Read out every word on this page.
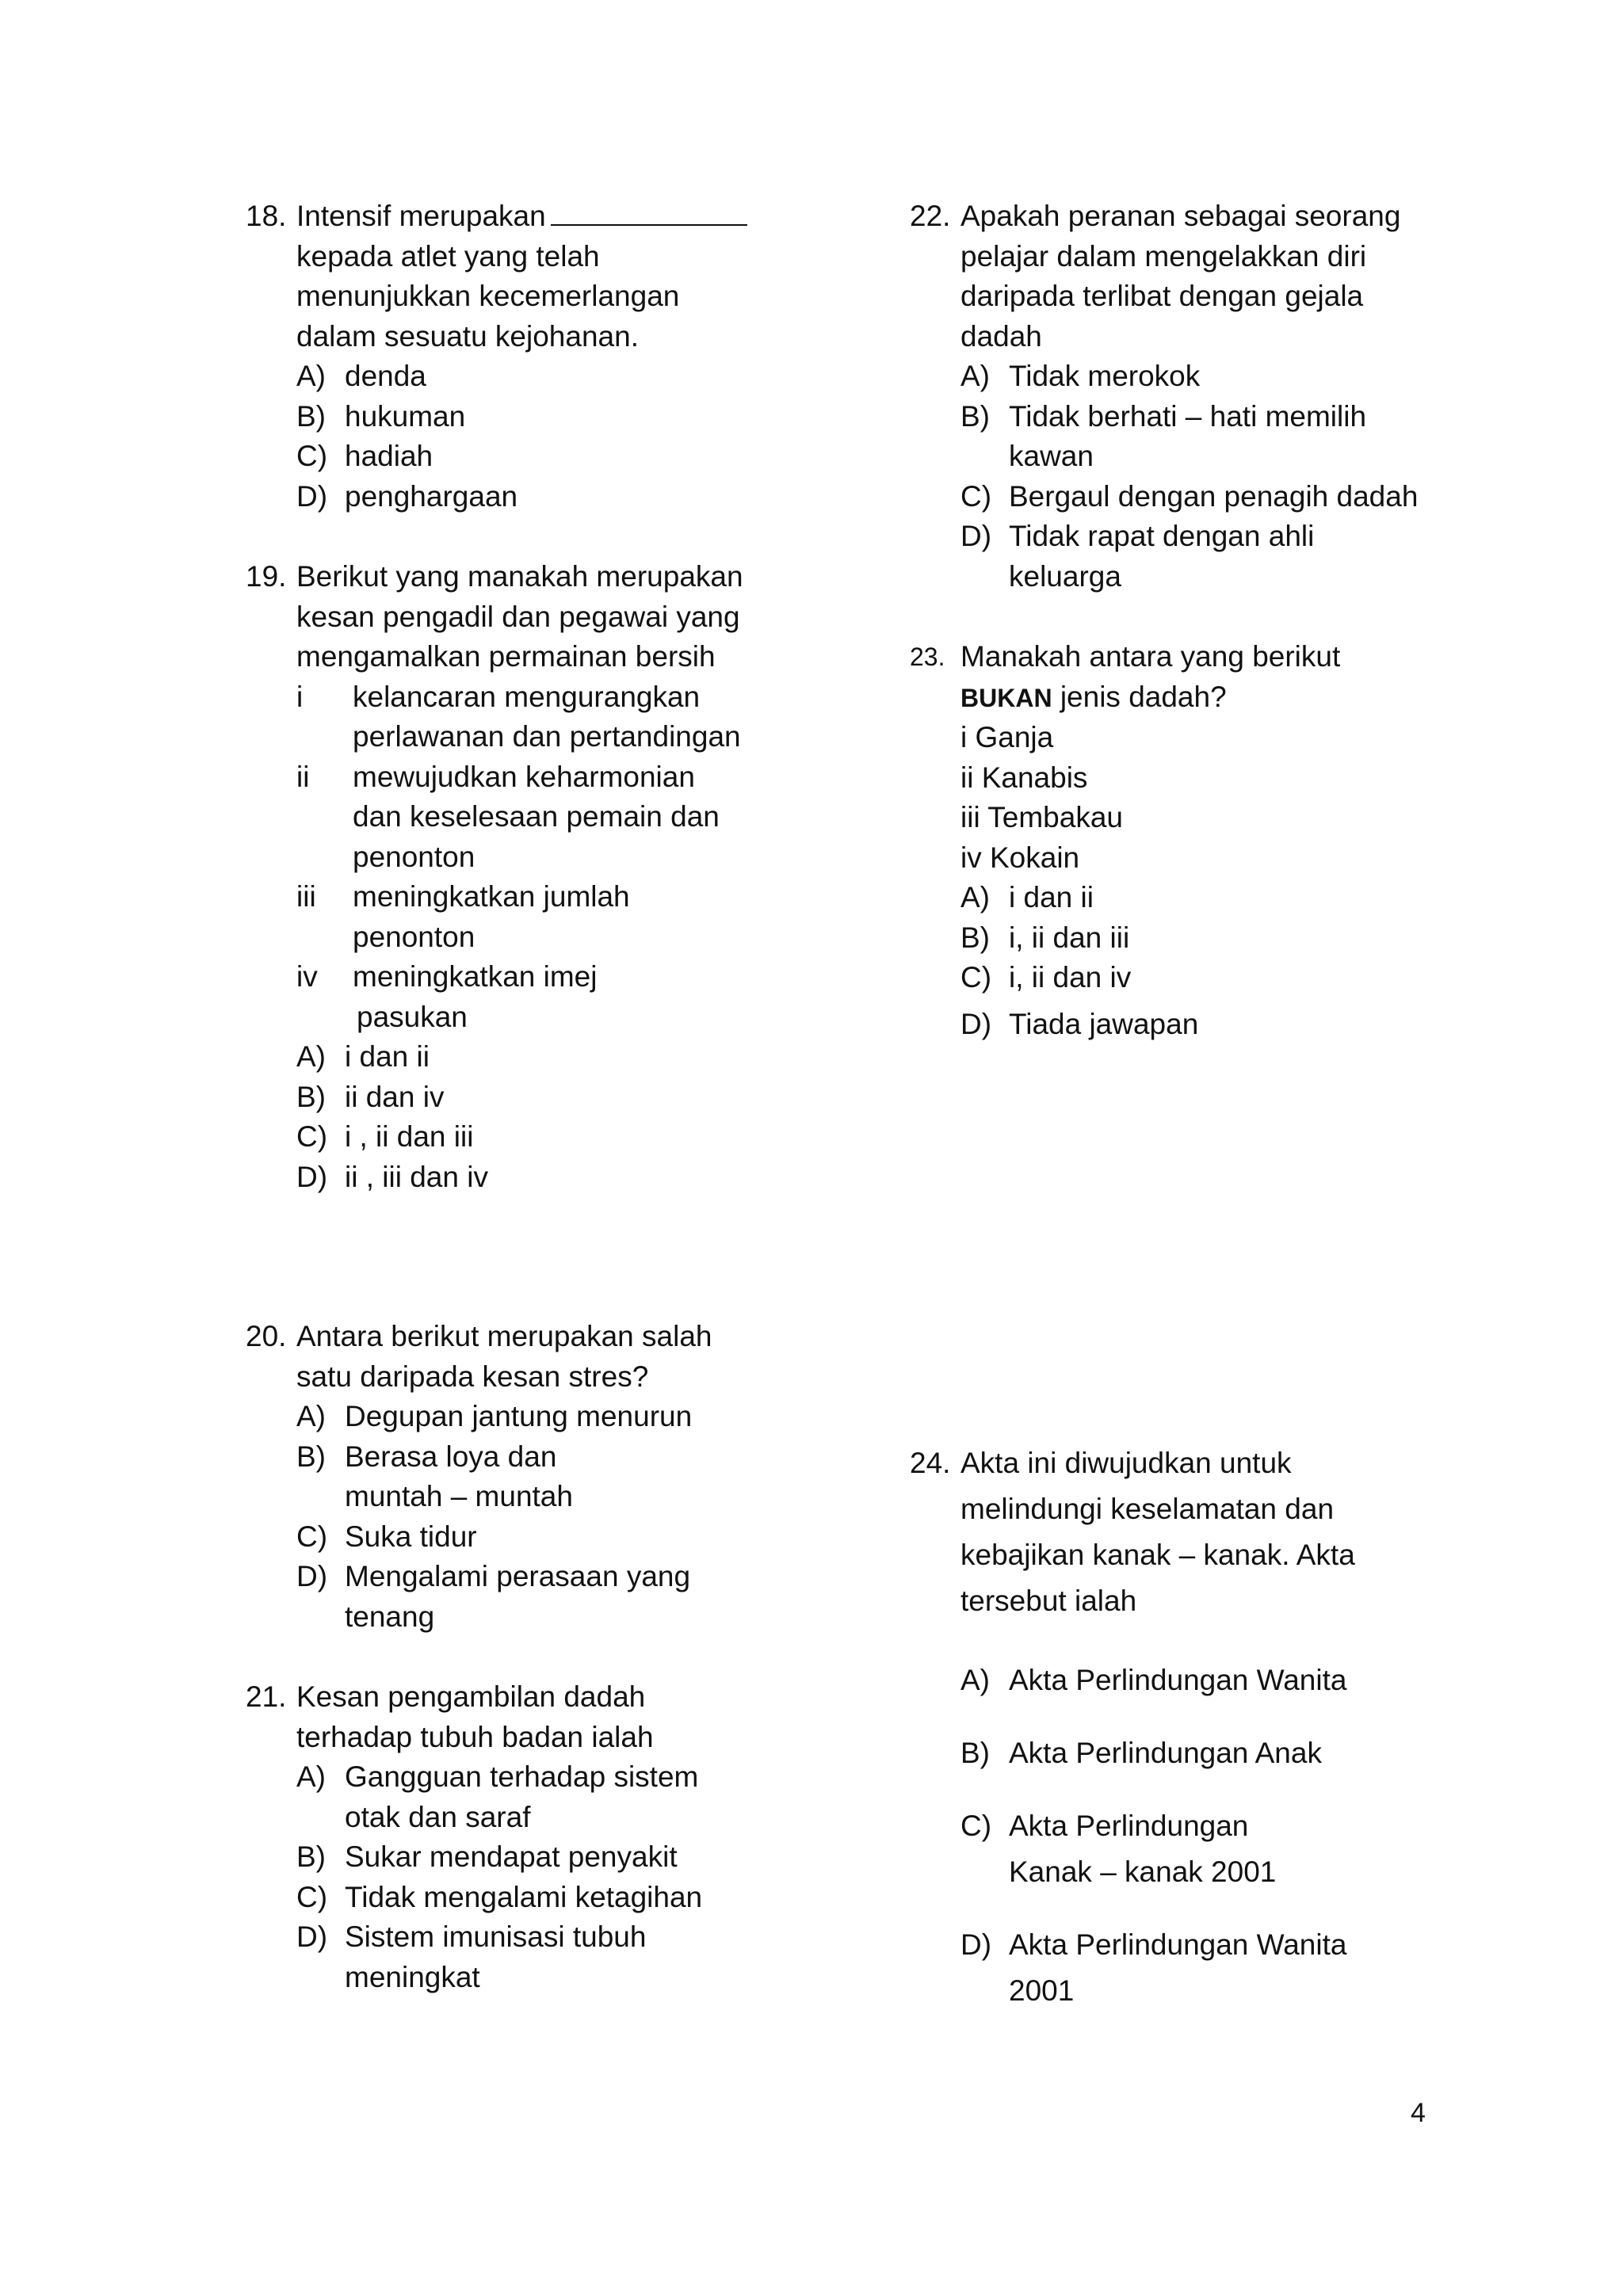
18. Intensif merupakan
kepada atlet yang telah
menunjukkan kecemerlangan
dalam sesuatu kejohanan.
A) denda
B) hukuman
C) hadiah
D) penghargaan
19. Berikut yang manakah merupakan
kesan pengadil dan pegawai yang
mengamalkan permainan bersih
i kelancaran mengurangkan
perlawanan dan pertandingan
ii mewujudkan keharmonian
dan keselesaan pemain dan
penonton
iii meningkatkan jumlah
penonton
iv meningkatkan imej
pasukan
A) i dan ii
B) ii dan iv
C) i , ii dan iii
D) ii , iii dan iv
20. Antara berikut merupakan salah
satu daripada kesan stres?
A) Degupan jantung menurun
B) Berasa loya dan
muntah – muntah
C) Suka tidur
D) Mengalami perasaan yang
tenang
21. Kesan pengambilan dadah
terhadap tubuh badan ialah
A) Gangguan terhadap sistem
otak dan saraf
B) Sukar mendapat penyakit
C) Tidak mengalami ketagihan
D) Sistem imunisasi tubuh
meningkat
22. Apakah peranan sebagai seorang
pelajar dalam mengelakkan diri
daripada terlibat dengan gejala
dadah
A) Tidak merokok
B) Tidak berhati – hati memilih
kawan
C) Bergaul dengan penagih dadah
D) Tidak rapat dengan ahli
keluarga
23. Manakah antara yang berikut
BUKAN jenis dadah?
i Ganja
ii Kanabis
iii Tembakau
iv Kokain
A) i dan ii
B) i, ii dan iii
C) i, ii dan iv
D) Tiada jawapan
24. Akta ini diwujudkan untuk
melindungi keselamatan dan
kebajikan kanak – kanak. Akta
tersebut ialah
A) Akta Perlindungan Wanita
B) Akta Perlindungan Anak
C) Akta Perlindungan
Kanak – kanak 2001
D) Akta Perlindungan Wanita
2001
4
